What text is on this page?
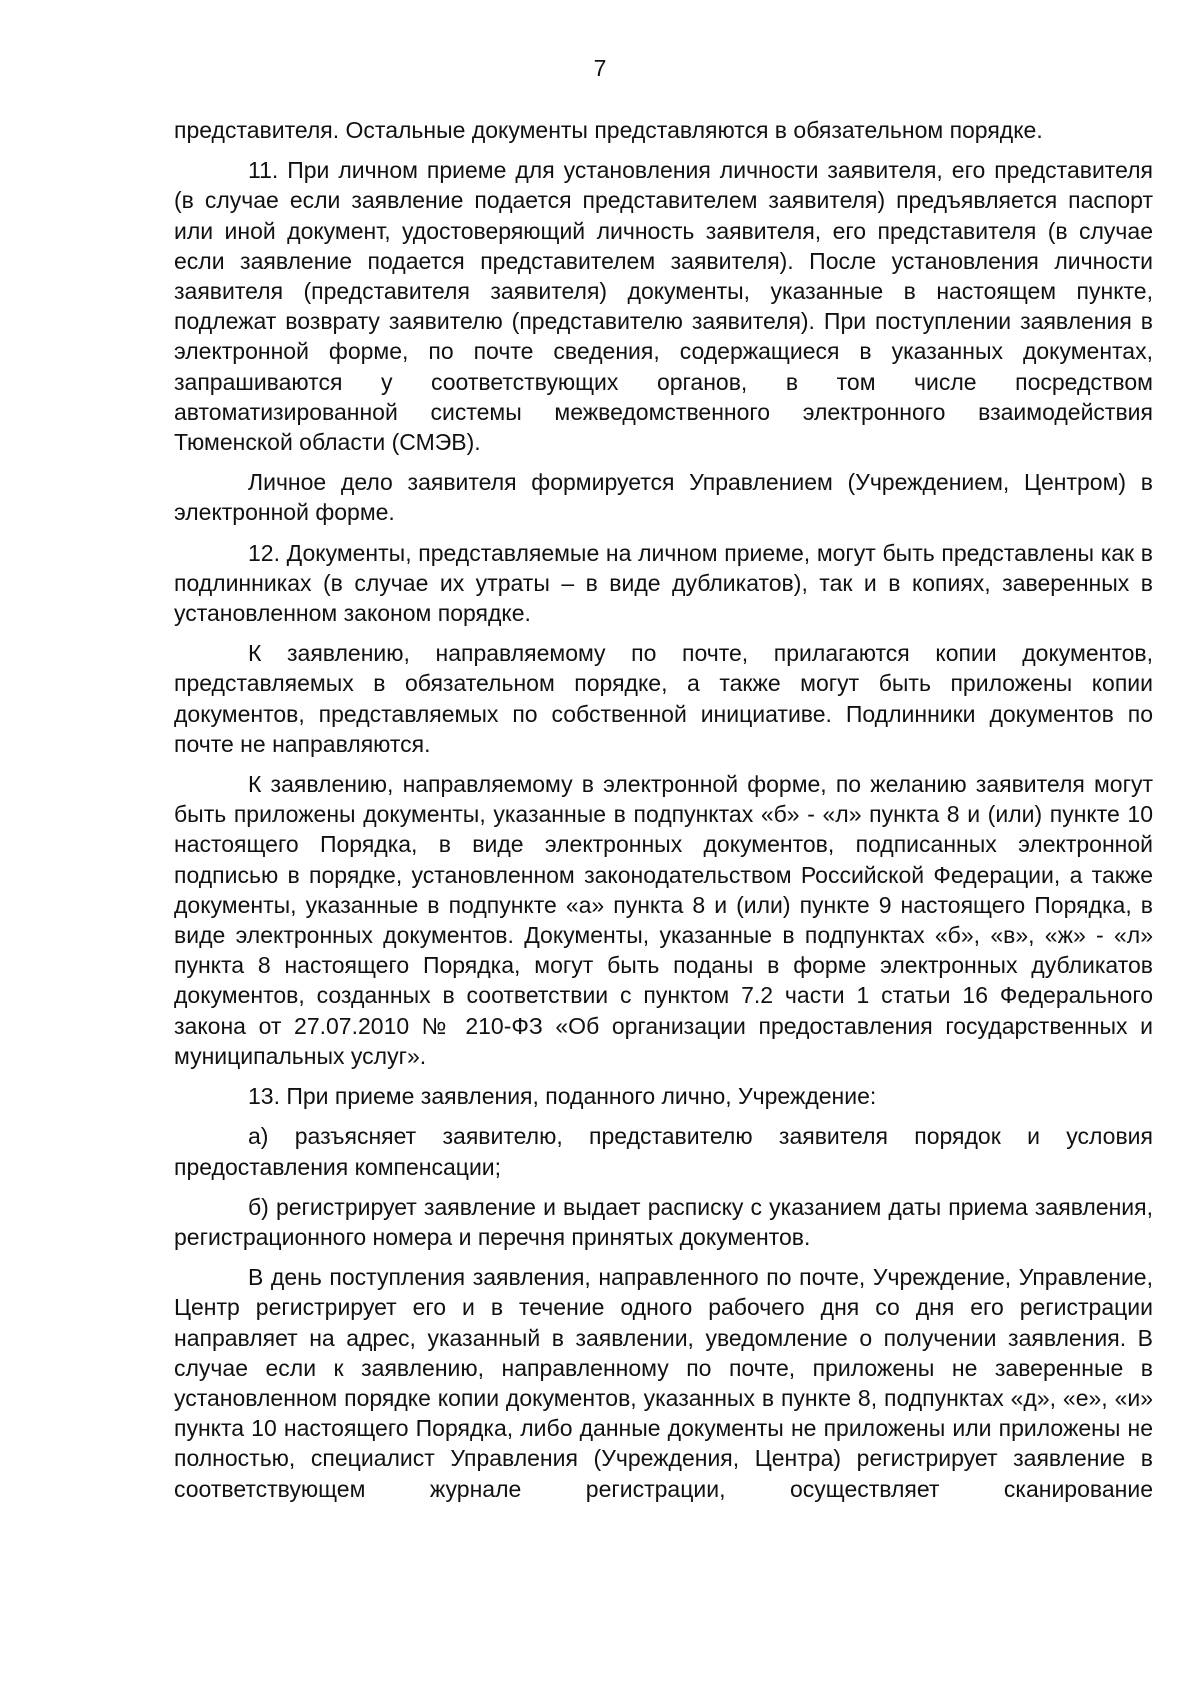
7

представителя. Остальные документы представляются в обязательном порядке.

11. При личном приеме для установления личности заявителя, его представителя (в случае если заявление подается представителем заявителя) предъявляется паспорт или иной документ, удостоверяющий личность заявителя, его представителя (в случае если заявление подается представителем заявителя). После установления личности заявителя (представителя заявителя) документы, указанные в настоящем пункте, подлежат возврату заявителю (представителю заявителя). При поступлении заявления в электронной форме, по почте сведения, содержащиеся в указанных документах, запрашиваются у соответствующих органов, в том числе посредством автоматизированной системы межведомственного электронного взаимодействия Тюменской области (СМЭВ).

Личное дело заявителя формируется Управлением (Учреждением, Центром) в электронной форме.

12. Документы, представляемые на личном приеме, могут быть представлены как в подлинниках (в случае их утраты – в виде дубликатов), так и в копиях, заверенных в установленном законом порядке.

К заявлению, направляемому по почте, прилагаются копии документов, представляемых в обязательном порядке, а также могут быть приложены копии документов, представляемых по собственной инициативе. Подлинники документов по почте не направляются.

К заявлению, направляемому в электронной форме, по желанию заявителя могут быть приложены документы, указанные в подпунктах «б» - «л» пункта 8 и (или) пункте 10 настоящего Порядка, в виде электронных документов, подписанных электронной подписью в порядке, установленном законодательством Российской Федерации, а также документы, указанные в подпункте «а» пункта 8 и (или) пункте 9 настоящего Порядка, в виде электронных документов. Документы, указанные в подпунктах «б», «в», «ж» - «л» пункта 8 настоящего Порядка, могут быть поданы в форме электронных дубликатов документов, созданных в соответствии с пунктом 7.2 части 1 статьи 16 Федерального закона от 27.07.2010 № 210-ФЗ «Об организации предоставления государственных и муниципальных услуг».

13. При приеме заявления, поданного лично, Учреждение:

а) разъясняет заявителю, представителю заявителя порядок и условия предоставления компенсации;

б) регистрирует заявление и выдает расписку с указанием даты приема заявления, регистрационного номера и перечня принятых документов.

В день поступления заявления, направленного по почте, Учреждение, Управление, Центр регистрирует его и в течение одного рабочего дня со дня его регистрации направляет на адрес, указанный в заявлении, уведомление о получении заявления. В случае если к заявлению, направленному по почте, приложены не заверенные в установленном порядке копии документов, указанных в пункте 8, подпунктах «д», «е», «и» пункта 10 настоящего Порядка, либо данные документы не приложены или приложены не полностью, специалист Управления (Учреждения, Центра) регистрирует заявление в соответствующем журнале регистрации, осуществляет сканирование
